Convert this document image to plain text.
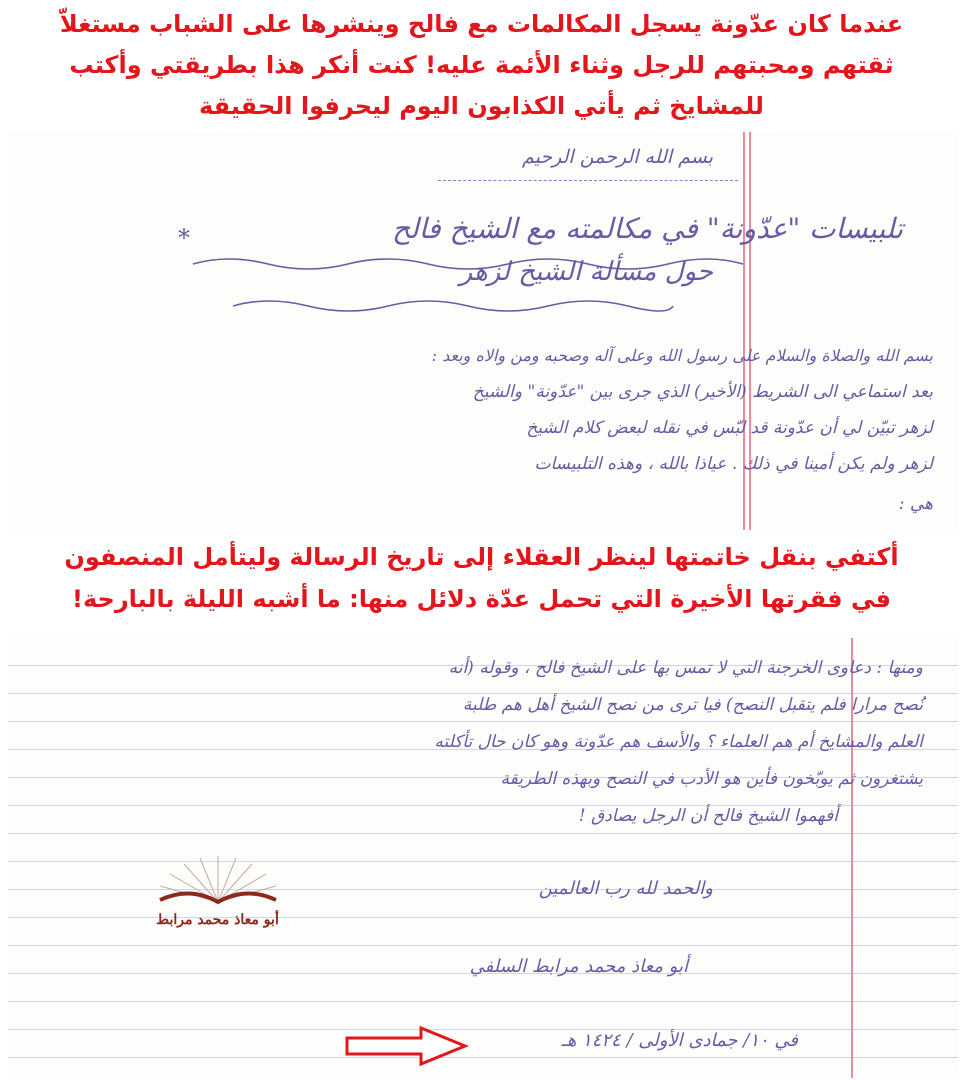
عندما كان عدّونة يسجل المكالمات مع فالح وينشرها على الشباب مستغلاّ
ثقتهم ومحبتهم للرجل وثناء الأئمة عليه! كنت أنكر هذا بطريقتي وأكتب
للمشايخ ثم يأتي الكذابون اليوم ليحرفوا الحقيقة
بسم الله الرحمن الرحيم
تلبيسات "عدّونة" في مكالمته مع الشيخ فالح
حول مسألة الشيخ لزهر
*
بسم الله والصلاة والسلام على رسول الله وعلى آله وصحبه ومن والاه وبعد :
بعد استماعي الى الشريط (الأخير) الذي جرى بين "عدّونة" والشيخ
لزهر تبيّن لي أن عدّونة قد لبّس في نقله لبعض كلام الشيخ
لزهر ولم يكن أمينا في ذلك . عياذا بالله ، وهذه التلبيسات
هي :
أكتفي بنقل خاتمتها لينظر العقلاء إلى تاريخ الرسالة وليتأمل المنصفون
في فقرتها الأخيرة التي تحمل عدّة دلائل منها: ما أشبه الليلة بالبارحة!
ومنها : دعاوى الخرجنة التي لا تمس بها على الشيخ فالح ، وقوله (أنه
نُصح مرارا فلم يتقبل النصح) فيا ترى من نصح الشيخ أهل هم طلبة
العلم والمشايخ أم هم العلماء ؟ والأسف هم عدّونة وهو كان حال تأكلته
يشتغرون ثم يوبّخون فأين هو الأدب في النصح وبهذه الطريقة
أفهموا الشيخ فالح أن الرجل يصادق !
والحمد لله رب العالمين
أبو معاذ محمد مرابط السلفي
في ١٠/ جمادى الأولى / ١٤٢٤ هـ
أبو معاذ محمد مرابط
